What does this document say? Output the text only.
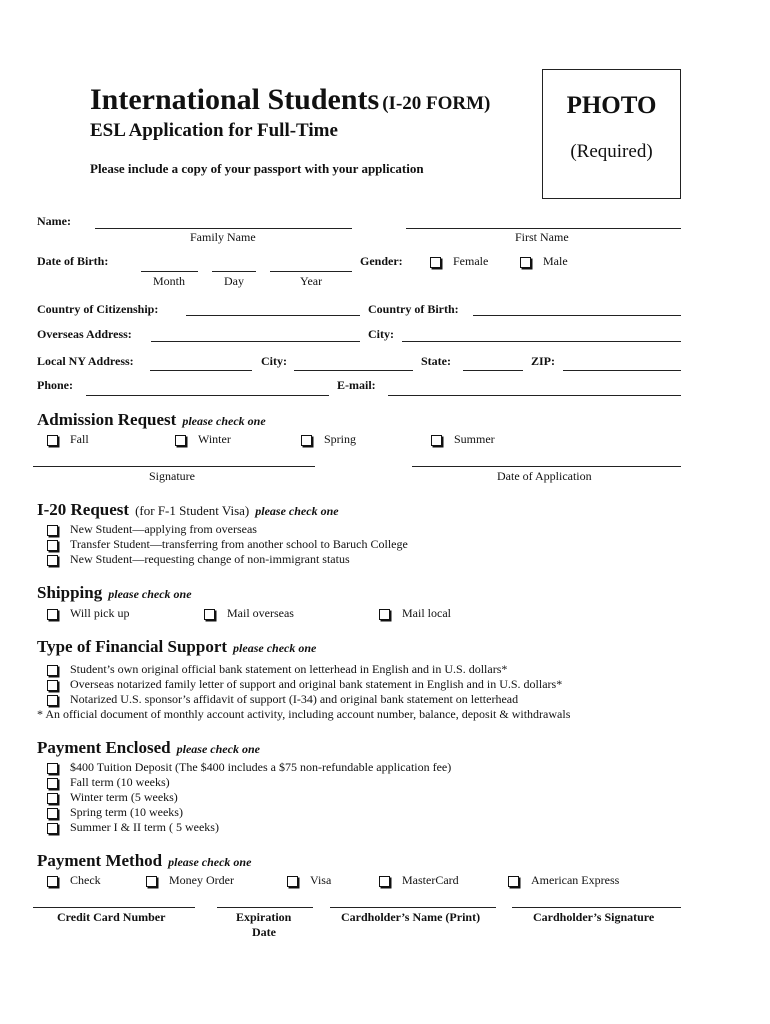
International Students (I-20 FORM)
ESL Application for Full-Time
Please include a copy of your passport with your application
PHOTO
(Required)
Name:
Family Name	First Name
Date of Birth:
Month	Day	Year
Gender:	Female	Male
Country of Citizenship:	Country of Birth:
Overseas Address:	City:
Local NY Address:	City:	State:	ZIP:
Phone:	E-mail:
Admission Request please check one
Fall	Winter	Spring	Summer
Signature	Date of Application
I-20 Request (for F-1 Student Visa) please check one
New Student—applying from overseas
Transfer Student—transferring from another school to Baruch College
New Student—requesting change of non-immigrant status
Shipping please check one
Will pick up	Mail overseas	Mail local
Type of Financial Support please check one
Student’s own original official bank statement on letterhead in English and in U.S. dollars*
Overseas notarized family letter of support and original bank statement in English and in U.S. dollars*
Notarized U.S. sponsor’s affidavit of support (I-34) and original bank statement on letterhead
* An official document of monthly account activity, including account number, balance, deposit & withdrawals
Payment Enclosed please check one
$400 Tuition Deposit (The $400 includes a $75 non-refundable application fee)
Fall term (10 weeks)
Winter term (5 weeks)
Spring term (10 weeks)
Summer I & II term ( 5 weeks)
Payment Method please check one
Check	Money Order	Visa	MasterCard	American Express
Credit Card Number	Expiration
Date
Cardholder’s Name (Print)	Cardholder’s Signature
